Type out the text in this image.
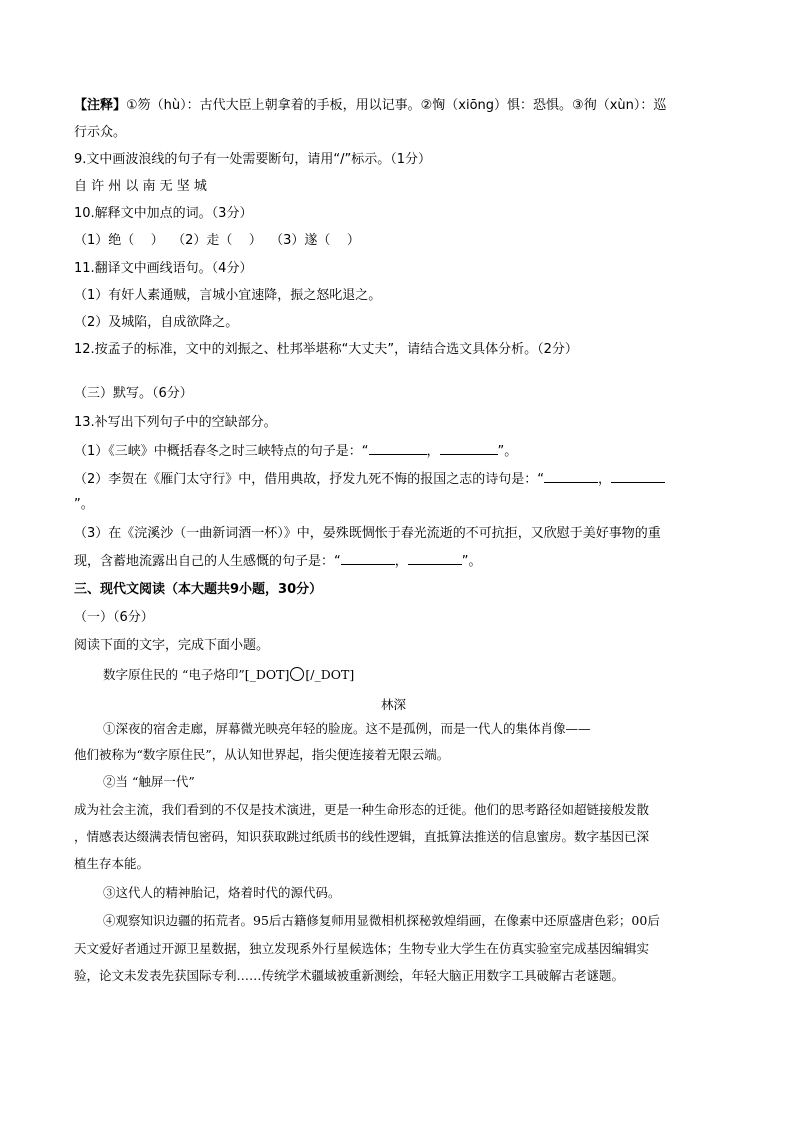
【注释】①笏（hù）：古代大臣上朝拿着的手板，用以记事。②恟（xiōng）惧：恐惧。③徇（xùn）：巡
行示众。
9.文中画波浪线的句子有一处需要断句，请用“/”标示。（1分）
自 许 州 以 南 无 坚 城
10.解释文中加点的词。（3分）
（1）绝（    ）  （2）走（    ）  （3）遂（    ）
11.翻译文中画线语句。（4分）
（1）有奸人素通贼，言城小宜速降，振之怒叱退之。
（2）及城陷，自成欲降之。
12.按孟子的标准，文中的刘振之、杜邦举堪称“大丈夫”，请结合选文具体分析。（2分）
（三）默写。（6分）
13.补写出下列句子中的空缺部分。
（1）《三峡》中概括春冬之时三峡特点的句子是：“	，	”。
（2）李贺在《雁门太守行》中，借用典故，抒发九死不悔的报国之志的诗句是：“	，
”。
（3）在《浣溪沙（一曲新词酒一杯）》中，晏殊既惆怅于春光流逝的不可抗拒，又欣慰于美好事物的重
现，含蓄地流露出自己的人生感慨的句子是：“	，	”。
三、现代文阅读（本大题共9小题，30分）
（一）（6分）
阅读下面的文字，完成下面小题。
数字原住民的 “电子烙印”[_DOT] [/_DOT]
林深
①深夜的宿舍走廊，屏幕微光映亮年轻的脸庞。这不是孤例，而是一代人的集体肖像——
他们被称为“数字原住民”，从认知世界起，指尖便连接着无限云端。
②当 “触屏一代”
成为社会主流，我们看到的不仅是技术演进，更是一种生命形态的迁徙。他们的思考路径如超链接般发散
，情感表达缀满表情包密码，知识获取跳过纸质书的线性逻辑，直抵算法推送的信息蜜房。数字基因已深
植生存本能。
③这代人的精神胎记，烙着时代的源代码。
④观察知识边疆的拓荒者。95后古籍修复师用显微相机探秘敦煌绢画，在像素中还原盛唐色彩；00后
天文爱好者通过开源卫星数据，独立发现系外行星候选体；生物专业大学生在仿真实验室完成基因编辑实
验，论文未发表先获国际专利……传统学术疆域被重新测绘，年轻大脑正用数字工具破解古老谜题。
